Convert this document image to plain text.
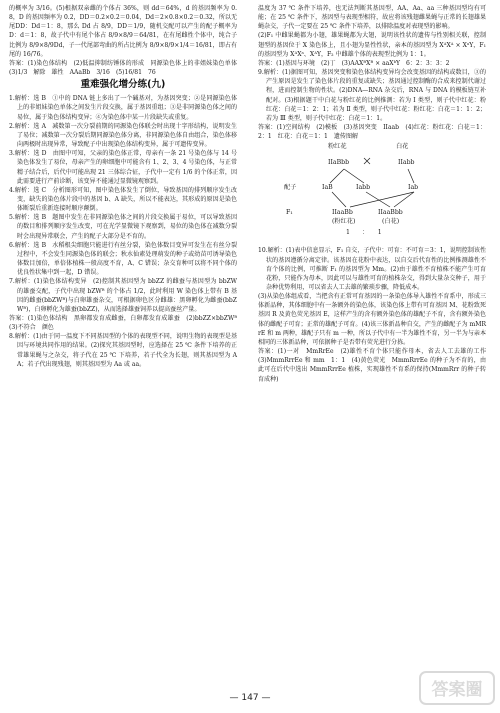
的概率为 3/16。(5)根据双亲雌的个体占 36%，则 dd＝64%，d 的基因频率为 0.8，D 的基因频率为 0.2，DD＝0.2×0.2＝0.04，Dd＝2×0.8×0.2＝0.32，所以无尾DD：Dd＝1：8，那么 Dd 占 8/9，DD＝1/9，随机交配可以产生的配子概率为 D：d＝1：8，故子代中有尾个体占 8/9×8/9＝64/81，在有尾雌性个体中，纯合子比例为 8/9×8/9Dd，子一代尾部弯曲的所占比例为 8/9×8/9×1/4＝16/81，即占有尾的 16/76。

答案：(1)染色体结构　(2)低温抑制纺锤体的形成　同源染色体上的非姐妹染色单体　(3)1/3　解除　雄性　AAaBb　3/16　(5)16/81　76

重难强化增分练(九)

1.解析：选 B　①中的 DNA 链上多出了一个碱基对，为基因突变；②是同源染色体上的非姐妹染色单体之间发生片段交换，属于基因重组；③是非同源染色体之间的易位，属于染色体结构变异；④为染色体中某一片段缺失或重复。

2.解析：选 A　减数第一次分裂前期的同源染色体联会时出现十字形结构，说明发生了易位；减数第一次分裂后期同源染色体分离，非同源染色体自由组合，染色体移向两极时出现异常，导致配子中出现染色体结构变异，属于可遗传变异。

3.解析：选 D　由图中可知，父亲的染色体正常，母亲有一条 21 号染色体与 14 号染色体发生了易位，母亲产生的卵细胞中可能含有 1、2、3、4 号染色体，与正常精子结合后，后代中可能出现 21 三体综合征，子代中一定有 1/6 的个体正常，因此需要进行产前诊断，该变异不能通过显微镜观察到。

4.解析：选 C　分析图形可知，图中染色体发生了倒位，导致基因的排列顺序发生改变，缺失的染色体片段中的基因 b、A 缺失，所以不能表达，其形成的原因是染色体断裂后重新连接时顺序颠倒。

5.解析：选 B　题图中发生在非同源染色体之间的片段交换属于易位，可以导致基因的数目和排列顺序发生改变，可在光学显微镜下观察到，易位的染色体在减数分裂时会出现异常联会，产生的配子大部分是不育的。

6.解析：选 B　水稻根尖细胞只能进行有丝分裂，染色体数目变异可发生在有丝分裂过程中，不会发生同源染色体的联会；秋水仙素处理萌发的种子或幼苗可诱导染色体数目加倍，单倍体植株一般高度不育，A、C 错误；杂交育种可以将不同个体的优良性状集中到一起，D 错误。

7.解析：(1)染色体结构变异　(2)控制其基因型为 bbZZ 的雌蚕与基因型为 bbZW 的雄蚕交配，子代中出现 bZWᴮ 的个体占 1/2，此时利用 W 染色体上带有 B 基因的雌蚕(bbZWᴮ)与白卵雄蚕杂交，可根据卵色区分雌雄：黑卵孵化为雌蚕(bbZWᴮ)，白卵孵化为雄蚕(bbZZ)，从而选择雄蚕饲养以提高蚕丝产量。

答案：(1)染色体结构　黑卵都发育成雌蚕，白卵都发育成雄蚕　(2)bbZZ×bbZWᴮ　(3)不符合　颜色

8.解析：(1)由于同一温度下不同基因型的个体的表现型不同，说明生物的表现型是基因与环境共同作用的结果。(2)探究其基因型时，应选择在 25 ℃ 条件下培养的正常雄果蝇与之杂交，将子代在 25 ℃ 下培养，若子代全为长翅，则其基因型为 AA；若子代出现残翅，则其基因型为 Aa 或 aa。

温度为 37 ℃ 条件下培养，也无法判断其基因型，AA、Aa、aa 三种基因型均有可能；在 25 ℃ 条件下，基因型与表现型相符，故应将该残翅雌果蝇与正常的长翅雄果蝇杂交，子代一定要在 25 ℃ 条件下培养，以排除温度对表现型的影响。

(2)F₁ 中雌果蝇都为小翅，雄果蝇都为大翅，说明该性状的遗传与性别相关联，控制翅型的基因位于 X 染色体上，且小翅为显性性状，亲本的基因型为 XᴬXᴬ × XᵃY，F₁ 的基因型为 XᴬXᵃ、XᴬY，F₂ 中雌雄个体的表现型比例为 1：1。

答案：(1)基因与环境　(2)丁　(3)AAXᴮXᴮ × aaXᵇY　6：2：3：3：2

9.解析：(1)据图可知，基因突变和染色体结构变异均会改变基因的结构或数目，③的产生原因是发生了染色体片段的重复或缺失；基因通过控制酶的合成来控制代谢过程，进而控制生物的性状。(2)DNA—RNA 杂交后，RNA 与 DNA 的模板链互补配对。(3)根据题干中白花与粉红花的比例推测：若为 Ⅰ 类型，则子代中红花：粉红花：白花＝1：2：1；若为 Ⅱ 类型，则子代中红花：粉红花：白花＝1：1：2；若为 Ⅲ 类型，则子代中红花：白花＝1：1。

答案：(1)空间结构　(2)模板　(3)基因突变　IIaab　(4)红花：粉红花：白花＝1：2：1　红花：白花＝1：1　遗传图解

粉红花	白花
IIaBbb	IIabb
配子	IaB	Iabb	Iab
F₁	IIaaBb	IIaaBbb
(粉红花)	(白花)
1　　：　　1

10.解析：(1)表中信息显示，F₁ 自交，子代中：可育：不可育＝3：1，说明控制该性状的基因遵循分离定律。该基因在花粉中表达，以自交后代育性的比例推测雄性不育个体的比例，可推断 F₁ 的基因型为 Mm。(2)由于雄性不育植株不能产生可育花粉，只能作为母本，因此可以与雄性可育的植株杂交，得到大量杂交种子，用于杂种优势利用，可以省去人工去雄的繁琐步骤，降低成本。

(3)从染色体组成看，当把含有正常可育基因的一条染色体导入雄性不育系中，形成三体新品种，其体细胞中有一条额外的染色体，该染色体上带有可育基因 M、花粉致死基因 R 及黄色荧光基因 E，这样产生的含有额外染色体的雄配子不育，含有额外染色体的雌配子可育；正常的雄配子可育。(4)该三体新品种自交，产生的雌配子为 mMRrE 和 m 两种，雄配子只有 m 一种，所以子代中有一半为雄性不育，另一半为与亲本相同的三体新品种，可依据种子是否带有荧光进行分拣。

答案：(1)一对　MmRrEe　(2)雄性不育个体只能作母本，省去人工去雄的工作　(3)MmmRrrEe 和 mm　1：1　(4)黄色荧光　MmmRrrEe 的种子为不育的，由此可在后代中选出 MmmRrrEe 植株，实现雄性不育系的保持(MmmRrr 的种子转育成种)

— 147 —	答案圈
